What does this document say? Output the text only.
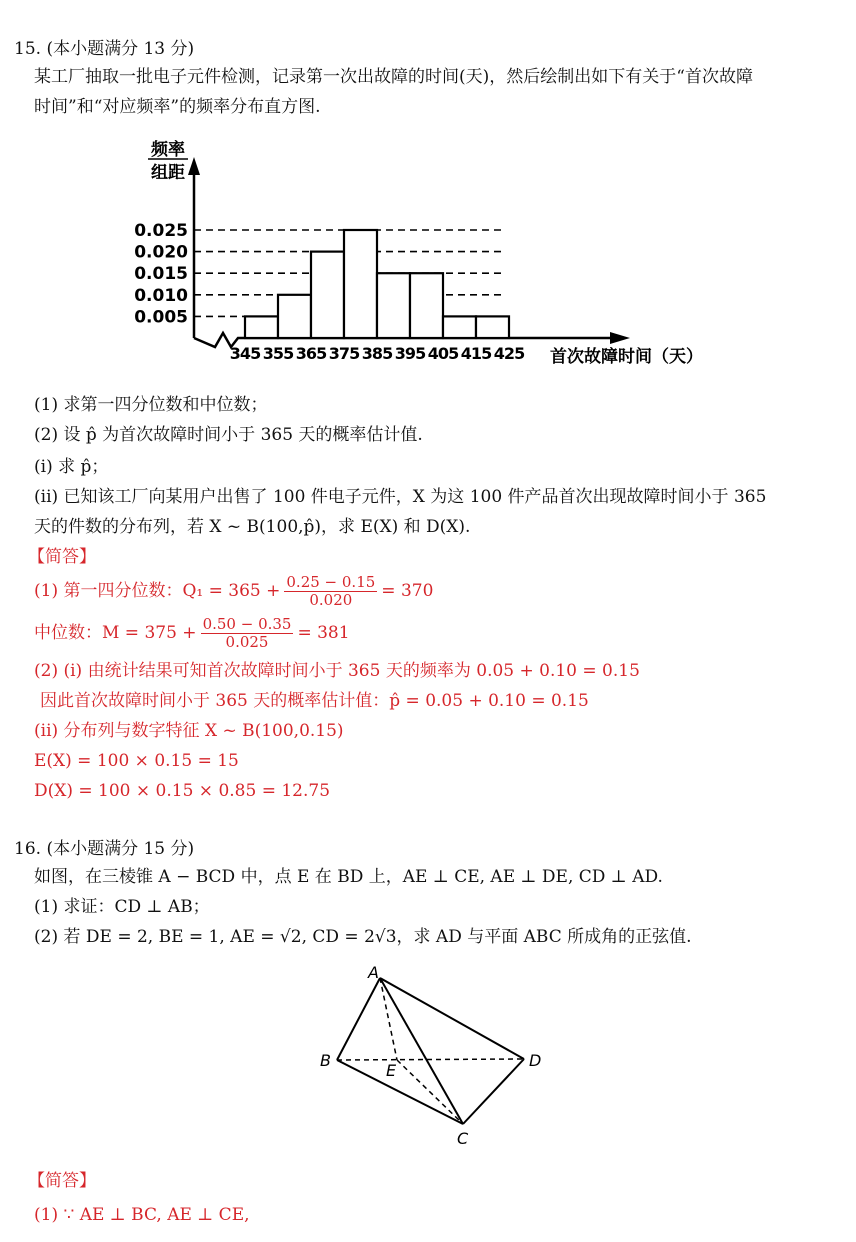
15. (本小题满分 13 分)
某工厂抽取一批电子元件检测，记录第一次出故障的时间(天)，然后绘制出如下有关于“首次故障
时间”和“对应频率”的频率分布直方图.
0.025
0.020
0.015
0.010
0.005
345 355 365 375 385 395 405 415 425
频率
组距
首次故障时间（天）
(1) 求第一四分位数和中位数；
(2) 设 p̂ 为首次故障时间小于 365 天的概率估计值.
(i) 求 p̂；
(ii) 已知该工厂向某用户出售了 100 件电子元件，X 为这 100 件产品首次出现故障时间小于 365
天的件数的分布列，若 X ~ B(100,p̂)，求 E(X) 和 D(X).
【简答】
(1) 第一四分位数：$Q_1 = 365 + \frac{0.25 - 0.15}{0.020} = 370$
中位数：$M = 375 + \frac{0.50 - 0.35}{0.025} = 381$
(2) (i) 由统计结果可知首次故障时间小于 365 天的频率为 0.05 + 0.10 = 0.15
因此首次故障时间小于 365 天的概率估计值：p̂ = 0.05 + 0.10 = 0.15
(ii) 分布列与数字特征 X ~ B(100,0.15)
E(X) = 100 × 0.15 = 15
D(X) = 100 × 0.15 × 0.85 = 12.75
16. (本小题满分 15 分)
如图，在三棱锥 A − BCD 中，点 E 在 BD 上，AE ⊥ CE, AE ⊥ DE, CD ⊥ AD.
(1) 求证：CD ⊥ AB；
(2) 若 DE = 2, BE = 1, AE = √2, CD = 2√3，求 AD 与平面 ABC 所成角的正弦值.
A
B
C
D
E
【简答】
(1) ∵ AE ⊥ BC, AE ⊥ CE,
